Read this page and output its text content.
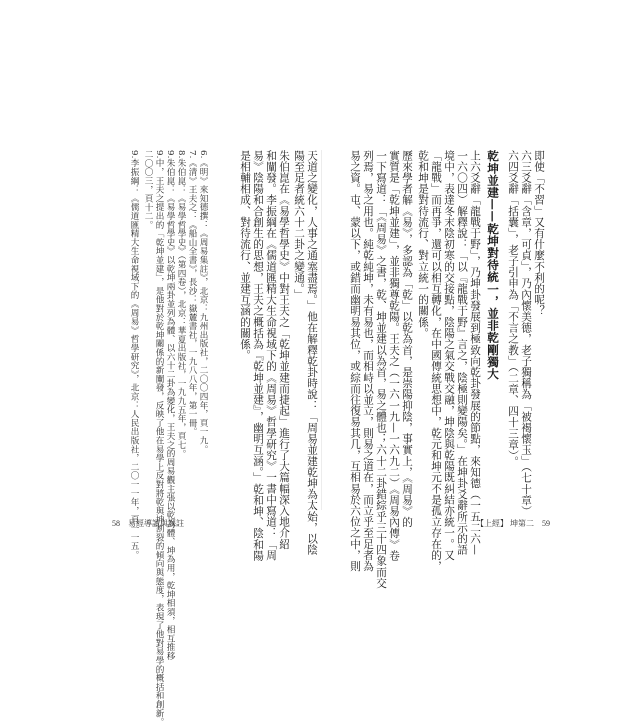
即使「不習」又有什麼不利的呢？
六三爻辭「含章，可貞」，乃內懷美德，老子獨稱為「被褐懷玉」（七十章）
六四爻辭「括囊」，老子引申為「不言之教」（二章、四十三章）。
乾坤並建——乾坤對待統一，並非乾剛獨大
上六爻辭「龍戰于野」，乃坤卦發展到極致向乾卦發展的節點，來知德（一五二六—
一六〇四）解釋說：「以『龍戰于野』言之，陰極則變陽矣。」在坤卦爻辭所示的語
境中，表達冬末陰初寒的交接點，陰陽之氣交戰交融，坤陰與乾陽既糾結亦統一。又
「龍戰」而再爭，還可以相互轉化，在中國傳統思想中，乾元和坤元不是孤立存在的，
乾和坤是對待流行、對立統一的關係。
歷來學者解《易》，多認為「乾」以乾為首，是崇陽抑陰，事實上，《周易》的
實質是「乾坤並建」，並非獨尊乾陽。王夫之（一六一九—一六九二）《周易內傳》卷
一下寫道：「《周易》之書，乾、坤並建以為首，易之體也；六十二卦錯綜乎三十四象而交
列焉，易之用也。純乾純坤，未有易也，而相峙以並立，則易之道在，而立乎至足者為
易之資。屯、蒙以下，或錯而幽明易其位，或綜而往復易其几，互相易於六位之中，則
天道之變化，人事之通塞盡焉。」他在解釋乾卦時說：「周易並建乾坤為太始，以陰
陽至足者統六十二卦之變通。」
朱伯崑在《易學哲學史》中對王夫之「乾坤並建而捷起」進行了大篇幅深入地介紹
和闡發。李振綱在《儒道匯精大生命視域下的《周易》哲學研究》一書中寫道：「周
易》陰陽和合創生的思想，王夫之概括為『乾坤並建』，幽明互涵。」乾和坤、陰和陽
是相輔相成、對待流行、並建互涵的關係。
6.《明》來知德撰：《周易集註》，北京：九州出版社，二〇〇四年，頁一九。
7.《清》王夫之：《船山全書》，長沙：嶽麓書社，一九八八年，第一冊。
8.朱伯崑：《易學哲學史》（第四卷），北京：華夏出版社，一九九五年，頁七。
9.朱伯崑：《易學哲學史》以乾坤兩卦並列為體、以六十二卦為變化，王夫之的周易觀主張以乾為體、坤為用，乾坤相須，相互推移
9.中，王夫之提出的「乾坤並建」，是他對於乾坤關係的新闡發，反映了他在易學上反對將乾與坤割裂的傾向與態度，表現了他對易學的概括和創新。
二〇〇三，頁十二。
9.李振綱：《儒道匯精大生命視域下的《周易》哲學研究》，北京：人民出版社，二〇一一年，頁一一五。
58 易經導讀與課註	【上經】 坤第二 59
